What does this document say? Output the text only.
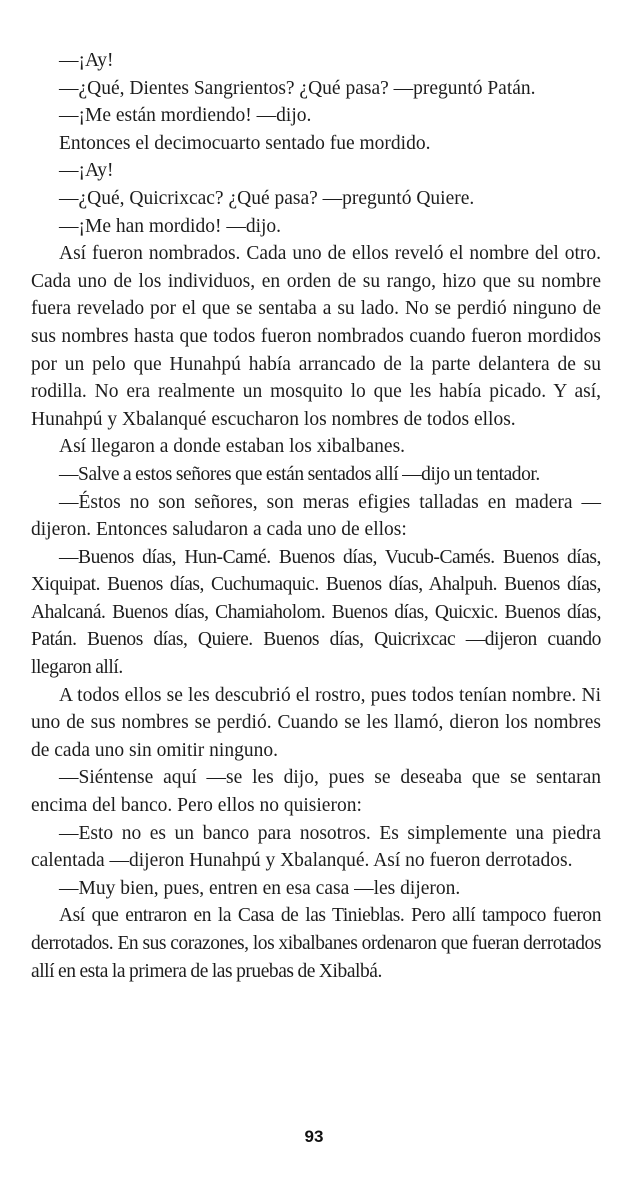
—¡Ay!

—¿Qué, Dientes Sangrientos? ¿Qué pasa? —preguntó Patán.

—¡Me están mordiendo! —dijo.

Entonces el decimocuarto sentado fue mordido.

—¡Ay!

—¿Qué, Quicrixcac? ¿Qué pasa? —preguntó Quiere.

—¡Me han mordido! —dijo.

Así fueron nombrados. Cada uno de ellos reveló el nombre del otro. Cada uno de los individuos, en orden de su rango, hizo que su nombre fuera revelado por el que se sentaba a su lado. No se perdió ninguno de sus nombres hasta que todos fueron nombrados cuando fueron mordidos por un pelo que Hunahpú había arrancado de la parte delantera de su rodilla. No era realmente un mosquito lo que les había picado. Y así, Hunahpú y Xbalanqué escucharon los nombres de todos ellos.

Así llegaron a donde estaban los xibalbanes.

—Salve a estos señores que están sentados allí —dijo un tentador.

—Éstos no son señores, son meras efigies talladas en madera —dijeron. Entonces saludaron a cada uno de ellos:

—Buenos días, Hun-Camé. Buenos días, Vucub-Camés. Buenos días, Xiquipat. Buenos días, Cuchumaquic. Buenos días, Ahalpuh. Buenos días, Ahalcaná. Buenos días, Chamiaholom. Buenos días, Quicxic. Buenos días, Patán. Buenos días, Quiere. Buenos días, Quicrixcac —dijeron cuando llegaron allí.

A todos ellos se les descubrió el rostro, pues todos tenían nombre. Ni uno de sus nombres se perdió. Cuando se les llamó, dieron los nombres de cada uno sin omitir ninguno.

—Siéntense aquí —se les dijo, pues se deseaba que se sentaran encima del banco. Pero ellos no quisieron:

—Esto no es un banco para nosotros. Es simplemente una piedra calentada —dijeron Hunahpú y Xbalanqué. Así no fueron derrotados.

—Muy bien, pues, entren en esa casa —les dijeron.

Así que entraron en la Casa de las Tinieblas. Pero allí tampoco fueron derrotados. En sus corazones, los xibalbanes ordenaron que fueran derrotados allí en esta la primera de las pruebas de Xibalbá.

93
